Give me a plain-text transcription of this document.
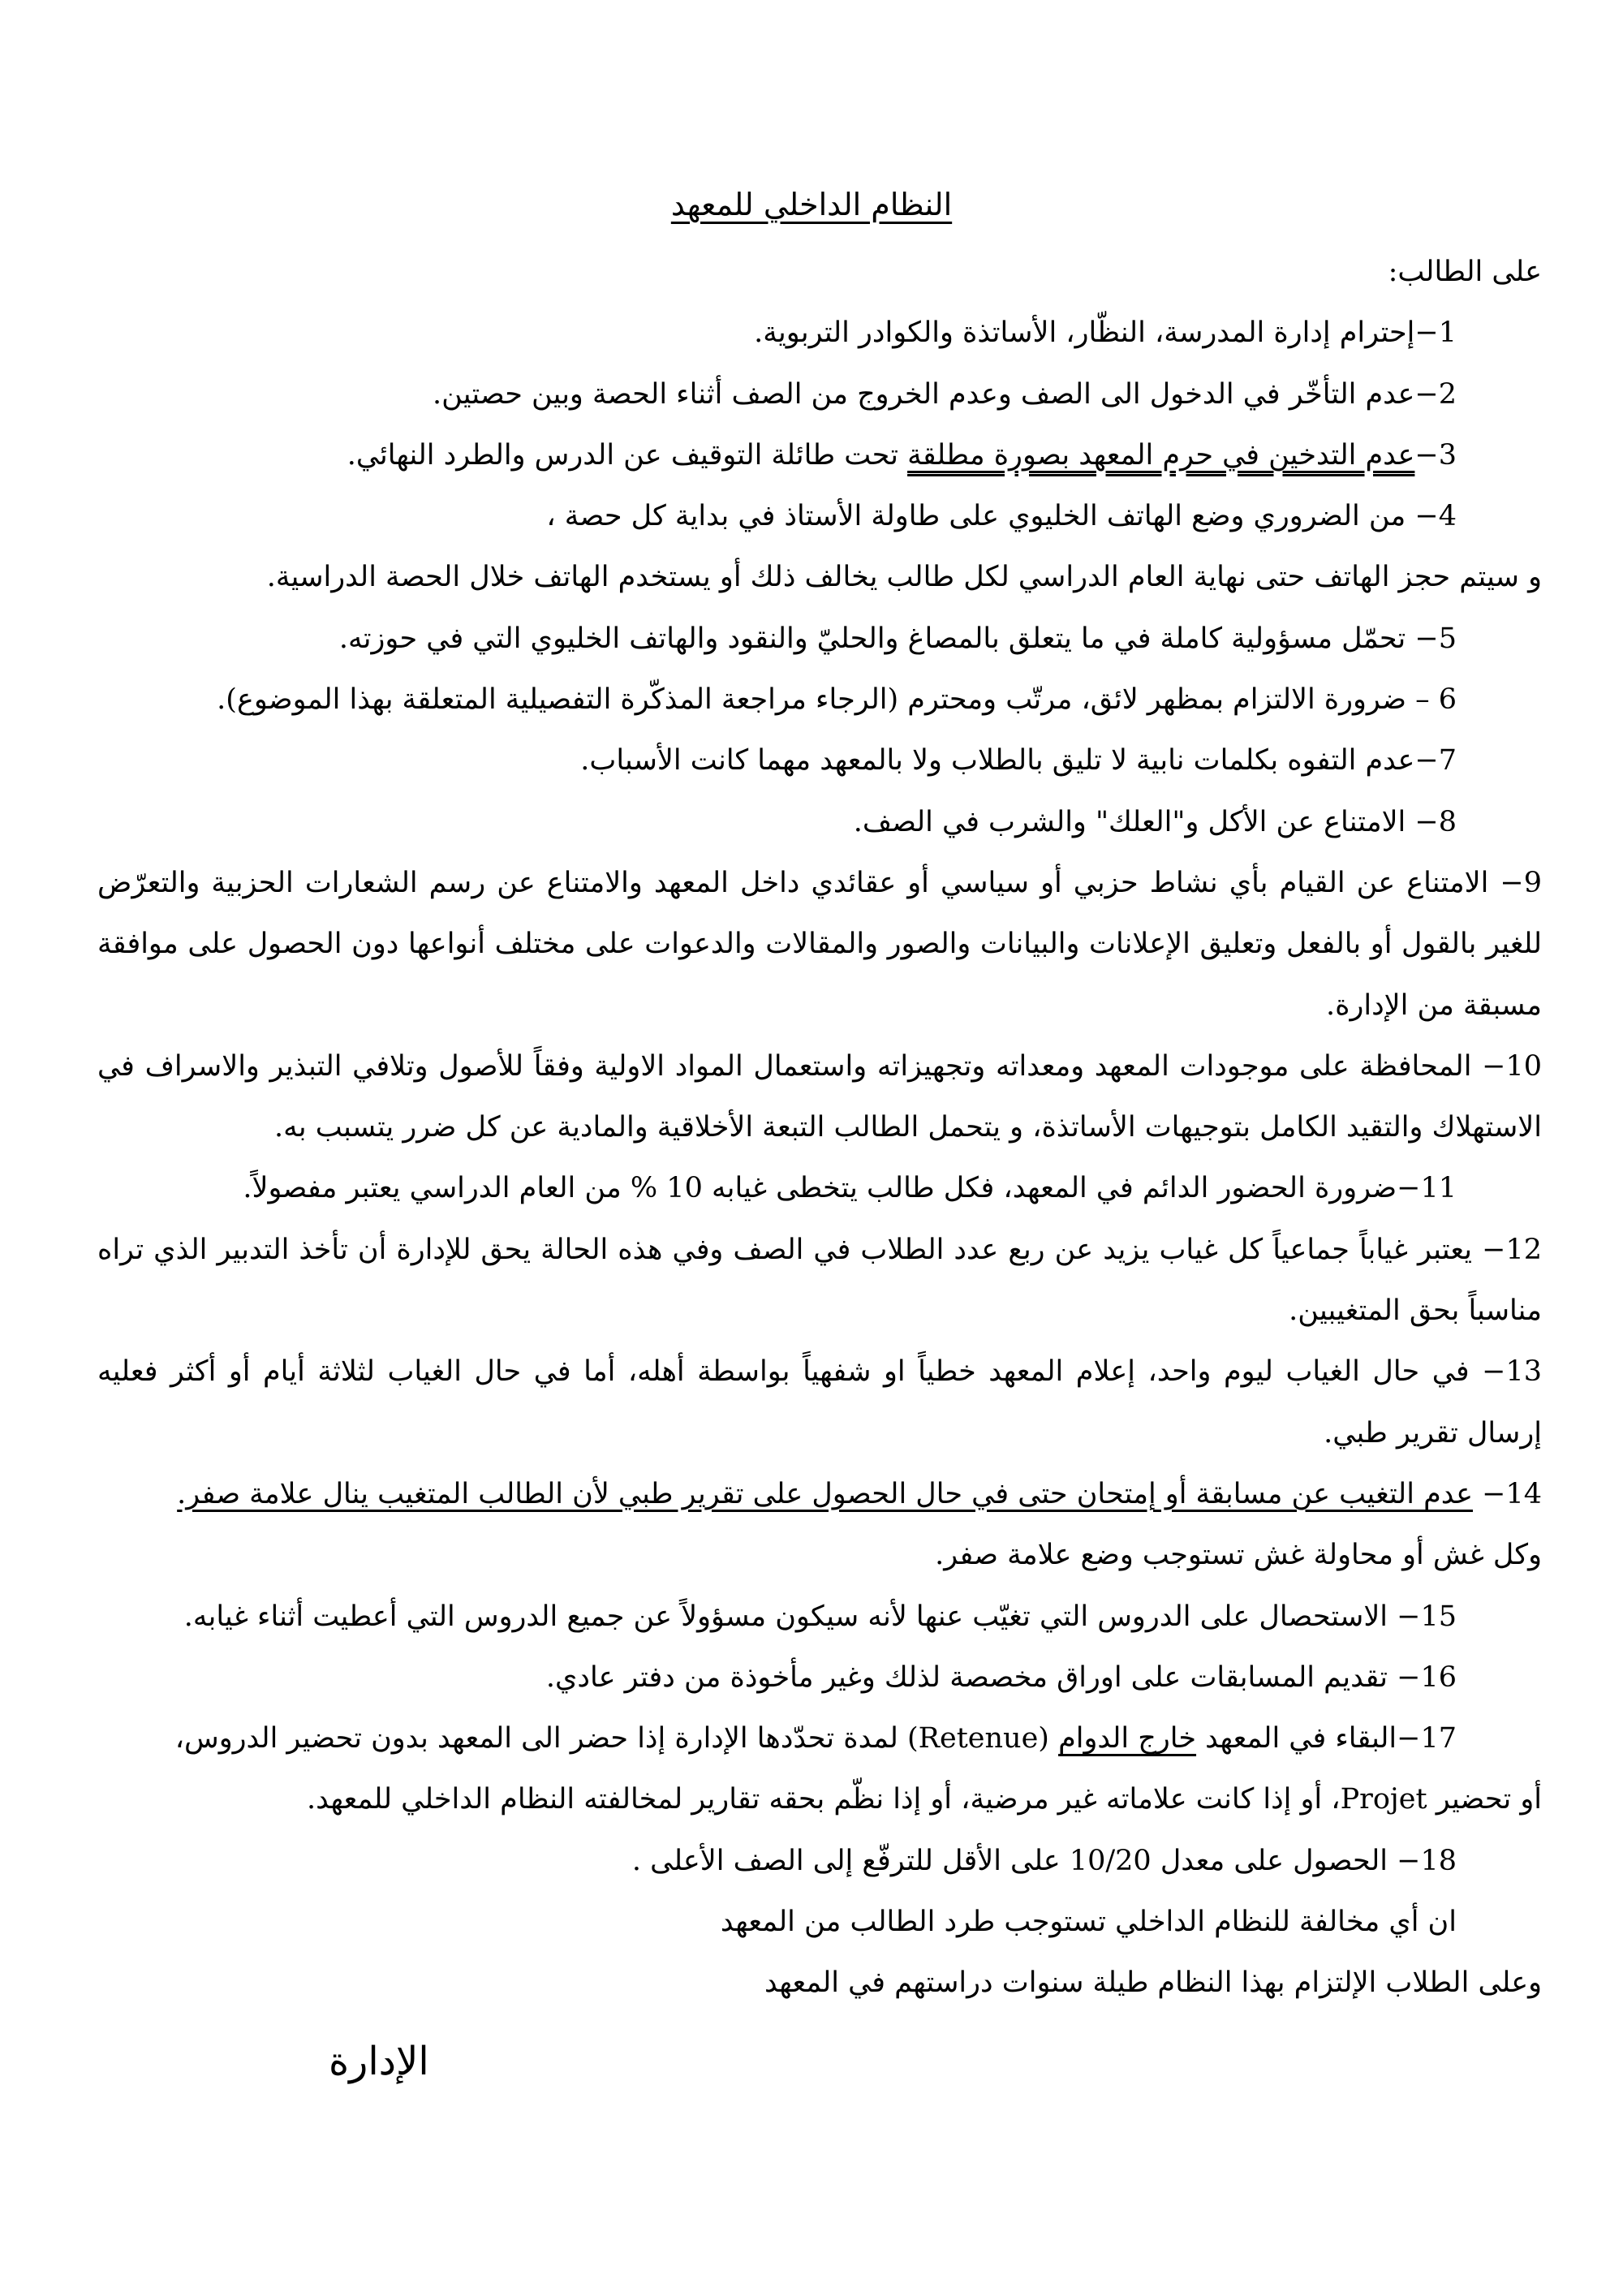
النظام الداخلي للمعهد

على الطالب:

1−إحترام إدارة المدرسة، النظّار، الأساتذة والكوادر التربوية.

2−عدم التأخّر في الدخول الى الصف وعدم الخروج من الصف أثناء الحصة وبين حصتين.

3−عدم التدخين في حرم المعهد بصورة مطلقة تحت طائلة التوقيف عن الدرس والطرد النهائي.

4− من الضروري وضع الهاتف الخليوي على طاولة الأستاذ في بداية كل حصة ،

و سيتم حجز الهاتف حتى نهاية العام الدراسي لكل طالب يخالف ذلك أو يستخدم الهاتف خلال الحصة الدراسية.

5− تحمّل مسؤولية كاملة في ما يتعلق بالمصاغ والحليّ والنقود والهاتف الخليوي التي في حوزته.

6 – ضرورة الالتزام بمظهر لائق، مرتّب ومحترم (الرجاء مراجعة المذكّرة التفصيلية المتعلقة بهذا الموضوع).

7−عدم التفوه بكلمات نابية لا تليق بالطلاب ولا بالمعهد مهما كانت الأسباب.

8− الامتناع عن الأكل و"العلك" والشرب في الصف.

9− الامتناع عن القيام بأي نشاط حزبي أو سياسي أو عقائدي داخل المعهد والامتناع عن رسم الشعارات الحزبية والتعرّض للغير بالقول أو بالفعل وتعليق الإعلانات والبيانات والصور والمقالات والدعوات على مختلف أنواعها دون الحصول على موافقة مسبقة من الإدارة.

10− المحافظة على موجودات المعهد ومعداته وتجهيزاته واستعمال المواد الاولية وفقاً للأصول وتلافي التبذير والاسراف في الاستهلاك والتقيد الكامل بتوجيهات الأساتذة، و يتحمل الطالب التبعة الأخلاقية والمادية عن كل ضرر يتسبب به.

11−ضرورة الحضور الدائم في المعهد، فكل طالب يتخطى غيابه 10 % من العام الدراسي يعتبر مفصولاً.

12− يعتبر غياباً جماعياً كل غياب يزيد عن ربع عدد الطلاب في الصف وفي هذه الحالة يحق للإدارة أن تأخذ التدبير الذي تراه مناسباً بحق المتغيبين.

13− في حال الغياب ليوم واحد، إعلام المعهد خطياً او شفهياً بواسطة أهله، أما في حال الغياب لثلاثة أيام أو أكثر فعليه إرسال تقرير طبي.

14− عدم التغيب عن مسابقة أو إمتحان حتى في حال الحصول على تقرير طبي لأن الطالب المتغيب ينال علامة صفر.

وكل غش أو محاولة غش تستوجب وضع علامة صفر.

15− الاستحصال على الدروس التي تغيّب عنها لأنه سيكون مسؤولاً عن جميع الدروس التي أعطيت أثناء غيابه.

16− تقديم المسابقات على اوراق مخصصة لذلك وغير مأخوذة من دفتر عادي.

17−البقاء في المعهد خارج الدوام (Retenue) لمدة تحدّدها الإدارة إذا حضر الى المعهد بدون تحضير الدروس،

أو تحضير Projet، أو إذا كانت علاماته غير مرضية، أو إذا نظّم بحقه تقارير لمخالفته النظام الداخلي للمعهد.

18− الحصول على معدل 10/20 على الأقل للترفّع إلى الصف الأعلى .

ان أي مخالفة للنظام الداخلي تستوجب طرد الطالب من المعهد

وعلى الطلاب الإلتزام بهذا النظام طيلة سنوات دراستهم في المعهد

الإدارة
